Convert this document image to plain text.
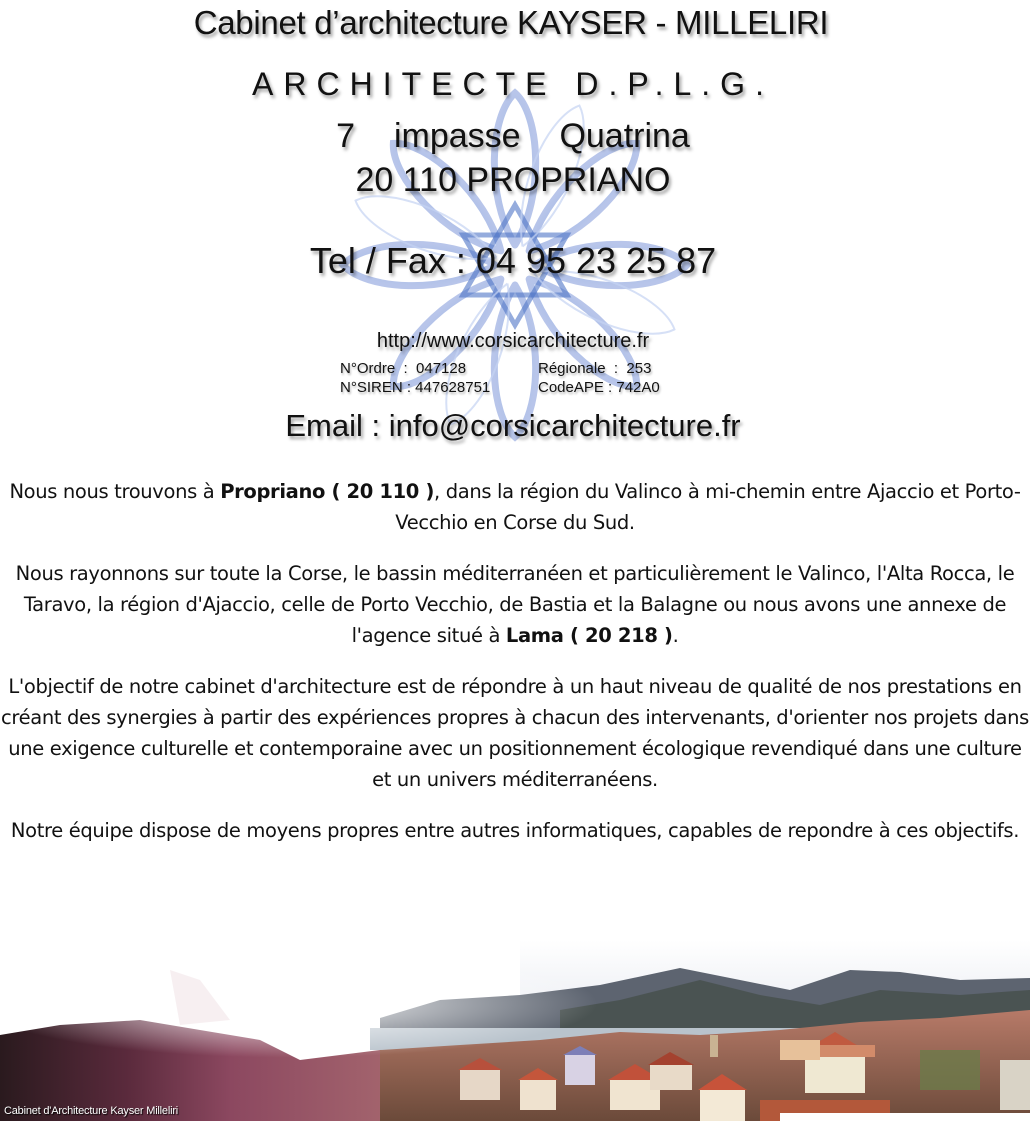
Cabinet d’architecture KAYSER - MILLELIRI
ARCHITECTE D.P.L.G.
7  impasse  Quatrina
20 110 PROPRIANO
Tel / Fax : 04 95 23 25 87
http://www.corsicarchitecture.fr
N°Ordre  :  047128	Régionale  :  253
N°SIREN : 447628751	CodeAPE : 742A0
Email : info@corsicarchitecture.fr

Nous nous trouvons à Propriano ( 20 110 ), dans la région du Valinco à mi-chemin entre Ajaccio et Porto-Vecchio en Corse du Sud.

Nous rayonnons sur toute la Corse, le bassin méditerranéen et particulièrement le Valinco, l'Alta Rocca, le Taravo, la région d'Ajaccio, celle de Porto Vecchio, de Bastia et la Balagne ou nous avons une annexe de l'agence situé à Lama ( 20 218 ).

L'objectif de notre cabinet d'architecture est de répondre à un haut niveau de qualité de nos prestations en créant des synergies à partir des expériences propres à chacun des intervenants, d'orienter nos projets dans une exigence culturelle et contemporaine avec un positionnement écologique revendiqué dans une culture et un univers méditerranéens.

Notre équipe dispose de moyens propres entre autres informatiques, capables de repondre à ces objectifs.

Cabinet d'Architecture Kayser Milleliri
